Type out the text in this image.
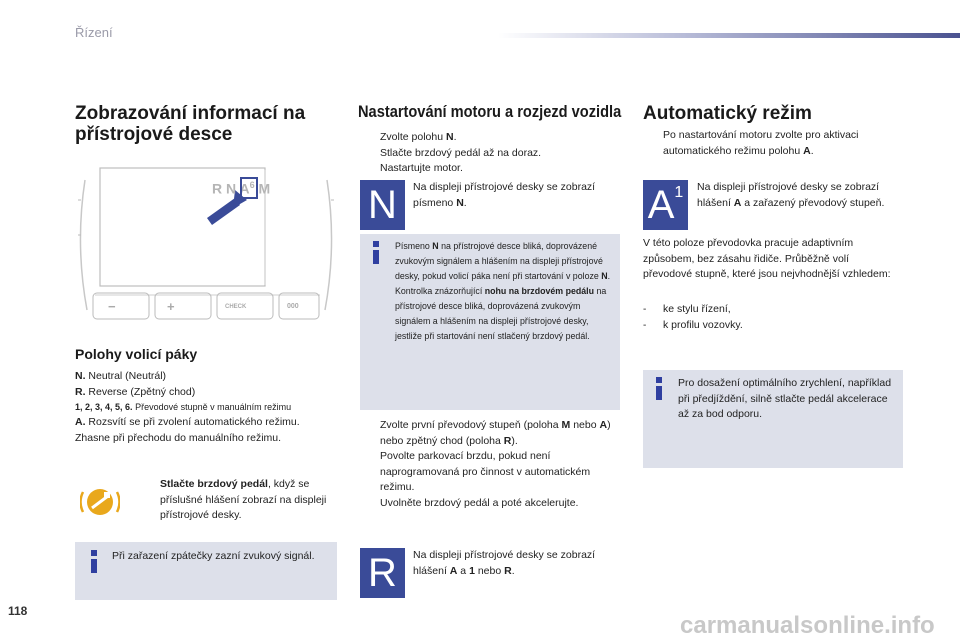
Řízení
Zobrazování informací na přístrojové desce
R N $A^6$ M
−	+	CHECK	000
Polohy volicí páky
N. Neutral (Neutrál)
R. Reverse (Zpětný chod)
1, 2, 3, 4, 5, 6. Převodové stupně v manuálním režimu
A. Rozsvítí se při zvolení automatického režimu. Zhasne při přechodu do manuálního režimu.
Stlačte brzdový pedál, když se příslušné hlášení zobrazí na displeji přístrojové desky.
Při zařazení zpátečky zazní zvukový signál.
Nastartování motoru a rozjezd vozidla
Zvolte polohu N.
Stlačte brzdový pedál až na doraz.
Nastartujte motor.
N	Na displeji přístrojové desky se zobrazí písmeno N.
Písmeno N na přístrojové desce bliká, doprovázené zvukovým signálem a hlášením na displeji přístrojové desky, pokud volicí páka není při startování v poloze N. Kontrolka znázorňující nohu na brzdovém pedálu na přístrojové desce bliká, doprovázená zvukovým signálem a hlášením na displeji přístrojové desky, jestliže při startování není stlačený brzdový pedál.
Zvolte první převodový stupeň (poloha M nebo A) nebo zpětný chod (poloha R).
Povolte parkovací brzdu, pokud není naprogramovaná pro činnost v automatickém režimu.
Uvolněte brzdový pedál a poté akcelerujte.
R	Na displeji přístrojové desky se zobrazí hlášení A a 1 nebo R.
Automatický režim
Po nastartování motoru zvolte pro aktivaci automatického režimu polohu A.
$A^1$ Na displeji přístrojové desky se zobrazí hlášení A a zařazený převodový stupeň.
V této poloze převodovka pracuje adaptivním způsobem, bez zásahu řidiče. Průběžně volí převodové stupně, které jsou nejvhodnější vzhledem:
-	ke stylu řízení,
-	k profilu vozovky.
Pro dosažení optimálního zrychlení, například při předjíždění, silně stlačte pedál akcelerace až za bod odporu.
118
carmanualsonline.info
